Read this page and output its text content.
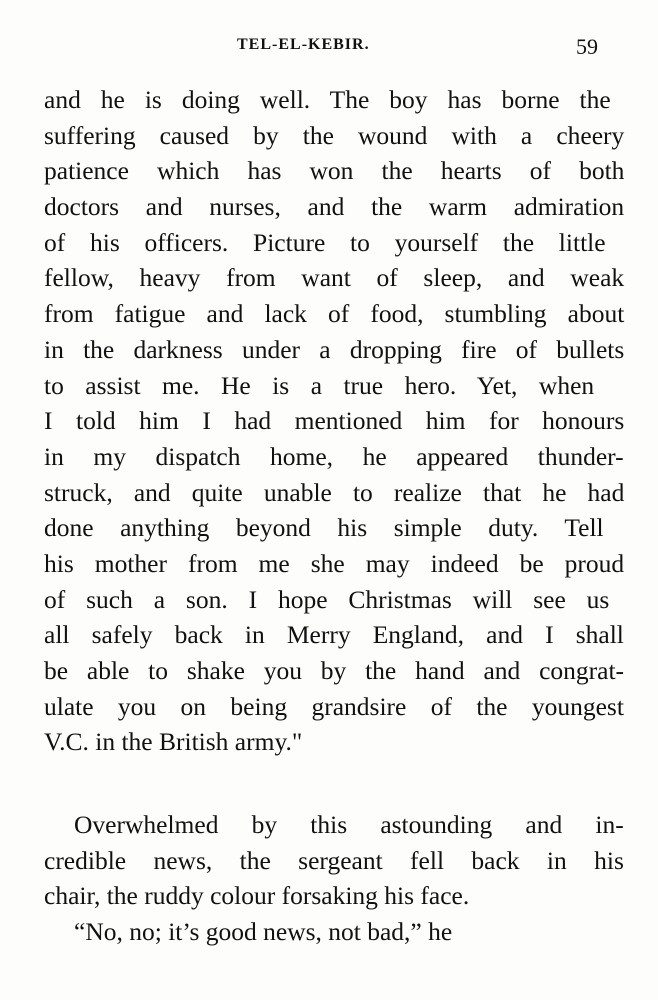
TEL-EL-KEBIR.	59
and he is doing well. The boy has borne the
suffering caused by the wound with a cheery
patience which has won the hearts of both
doctors and nurses, and the warm admiration
of his officers. Picture to yourself the little
fellow, heavy from want of sleep, and weak
from fatigue and lack of food, stumbling about
in the darkness under a dropping fire of bullets
to assist me. He is a true hero. Yet, when
I told him I had mentioned him for honours
in my dispatch home, he appeared thunder-
struck, and quite unable to realize that he had
done anything beyond his simple duty. Tell
his mother from me she may indeed be proud
of such a son. I hope Christmas will see us
all safely back in Merry England, and I shall
be able to shake you by the hand and congrat-
ulate you on being grandsire of the youngest
V.C. in the British army."
Overwhelmed by this astounding and in-
credible news, the sergeant fell back in his
chair, the ruddy colour forsaking his face.
“No, no; it’s good news, not bad,” he
